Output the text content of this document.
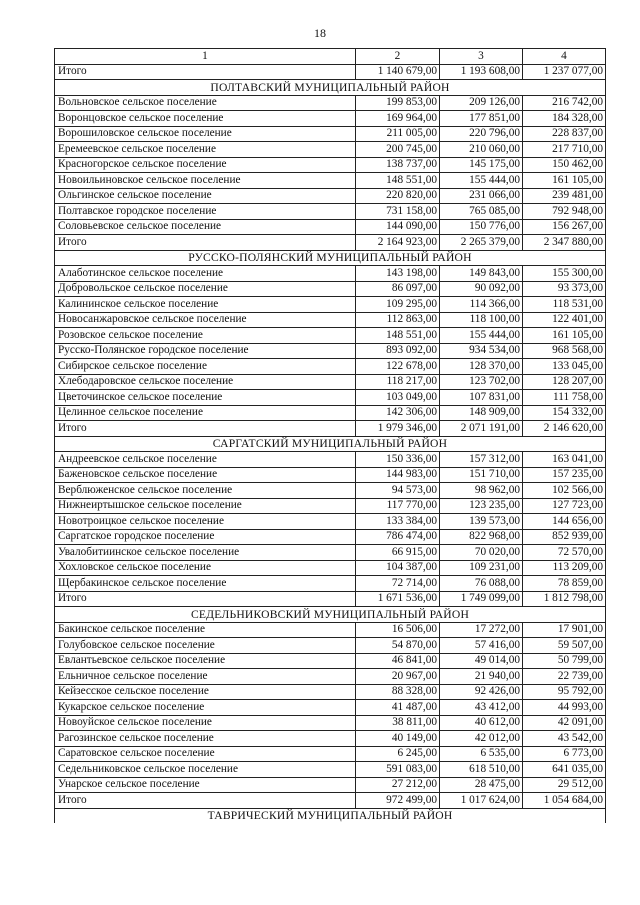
18
1	2	3	4
Итого	1 140 679,00	1 193 608,00	1 237 077,00
ПОЛТАВСКИЙ МУНИЦИПАЛЬНЫЙ РАЙОН			
Вольновское сельское поселение	199 853,00	209 126,00	216 742,00
Воронцовское сельское поселение	169 964,00	177 851,00	184 328,00
Ворошиловское сельское поселение	211 005,00	220 796,00	228 837,00
Еремеевское сельское поселение	200 745,00	210 060,00	217 710,00
Красногорское сельское поселение	138 737,00	145 175,00	150 462,00
Новоильиновское сельское поселение	148 551,00	155 444,00	161 105,00
Ольгинское сельское поселение	220 820,00	231 066,00	239 481,00
Полтавское городское поселение	731 158,00	765 085,00	792 948,00
Соловьевское сельское поселение	144 090,00	150 776,00	156 267,00
Итого	2 164 923,00	2 265 379,00	2 347 880,00
РУССКО-ПОЛЯНСКИЙ МУНИЦИПАЛЬНЫЙ РАЙОН			
Алаботинское сельское поселение	143 198,00	149 843,00	155 300,00
Добровольское сельское поселение	86 097,00	90 092,00	93 373,00
Калининское сельское поселение	109 295,00	114 366,00	118 531,00
Новосанжаровское сельское поселение	112 863,00	118 100,00	122 401,00
Розовское сельское поселение	148 551,00	155 444,00	161 105,00
Русско-Полянское городское поселение	893 092,00	934 534,00	968 568,00
Сибирское сельское поселение	122 678,00	128 370,00	133 045,00
Хлебодаровское сельское поселение	118 217,00	123 702,00	128 207,00
Цветочинское сельское поселение	103 049,00	107 831,00	111 758,00
Целинное сельское поселение	142 306,00	148 909,00	154 332,00
Итого	1 979 346,00	2 071 191,00	2 146 620,00
САРГАТСКИЙ МУНИЦИПАЛЬНЫЙ РАЙОН			
Андреевское сельское поселение	150 336,00	157 312,00	163 041,00
Баженовское сельское поселение	144 983,00	151 710,00	157 235,00
Верблюженское сельское поселение	94 573,00	98 962,00	102 566,00
Нижнеиртышское сельское поселение	117 770,00	123 235,00	127 723,00
Новотроицкое сельское поселение	133 384,00	139 573,00	144 656,00
Саргатское городское поселение	786 474,00	822 968,00	852 939,00
Увалобитиинское сельское поселение	66 915,00	70 020,00	72 570,00
Хохловское сельское поселение	104 387,00	109 231,00	113 209,00
Щербакинское сельское поселение	72 714,00	76 088,00	78 859,00
Итого	1 671 536,00	1 749 099,00	1 812 798,00
СЕДЕЛЬНИКОВСКИЙ МУНИЦИПАЛЬНЫЙ РАЙОН			
Бакинское сельское поселение	16 506,00	17 272,00	17 901,00
Голубовское сельское поселение	54 870,00	57 416,00	59 507,00
Евлантьевское сельское поселение	46 841,00	49 014,00	50 799,00
Ельничное сельское поселение	20 967,00	21 940,00	22 739,00
Кейзесское сельское поселение	88 328,00	92 426,00	95 792,00
Кукарское сельское поселение	41 487,00	43 412,00	44 993,00
Новоуйское сельское поселение	38 811,00	40 612,00	42 091,00
Рагозинское сельское поселение	40 149,00	42 012,00	43 542,00
Саратовское сельское поселение	6 245,00	6 535,00	6 773,00
Седельниковское сельское поселение	591 083,00	618 510,00	641 035,00
Унарское сельское поселение	27 212,00	28 475,00	29 512,00
Итого	972 499,00	1 017 624,00	1 054 684,00
ТАВРИЧЕСКИЙ МУНИЦИПАЛЬНЫЙ РАЙОН			
